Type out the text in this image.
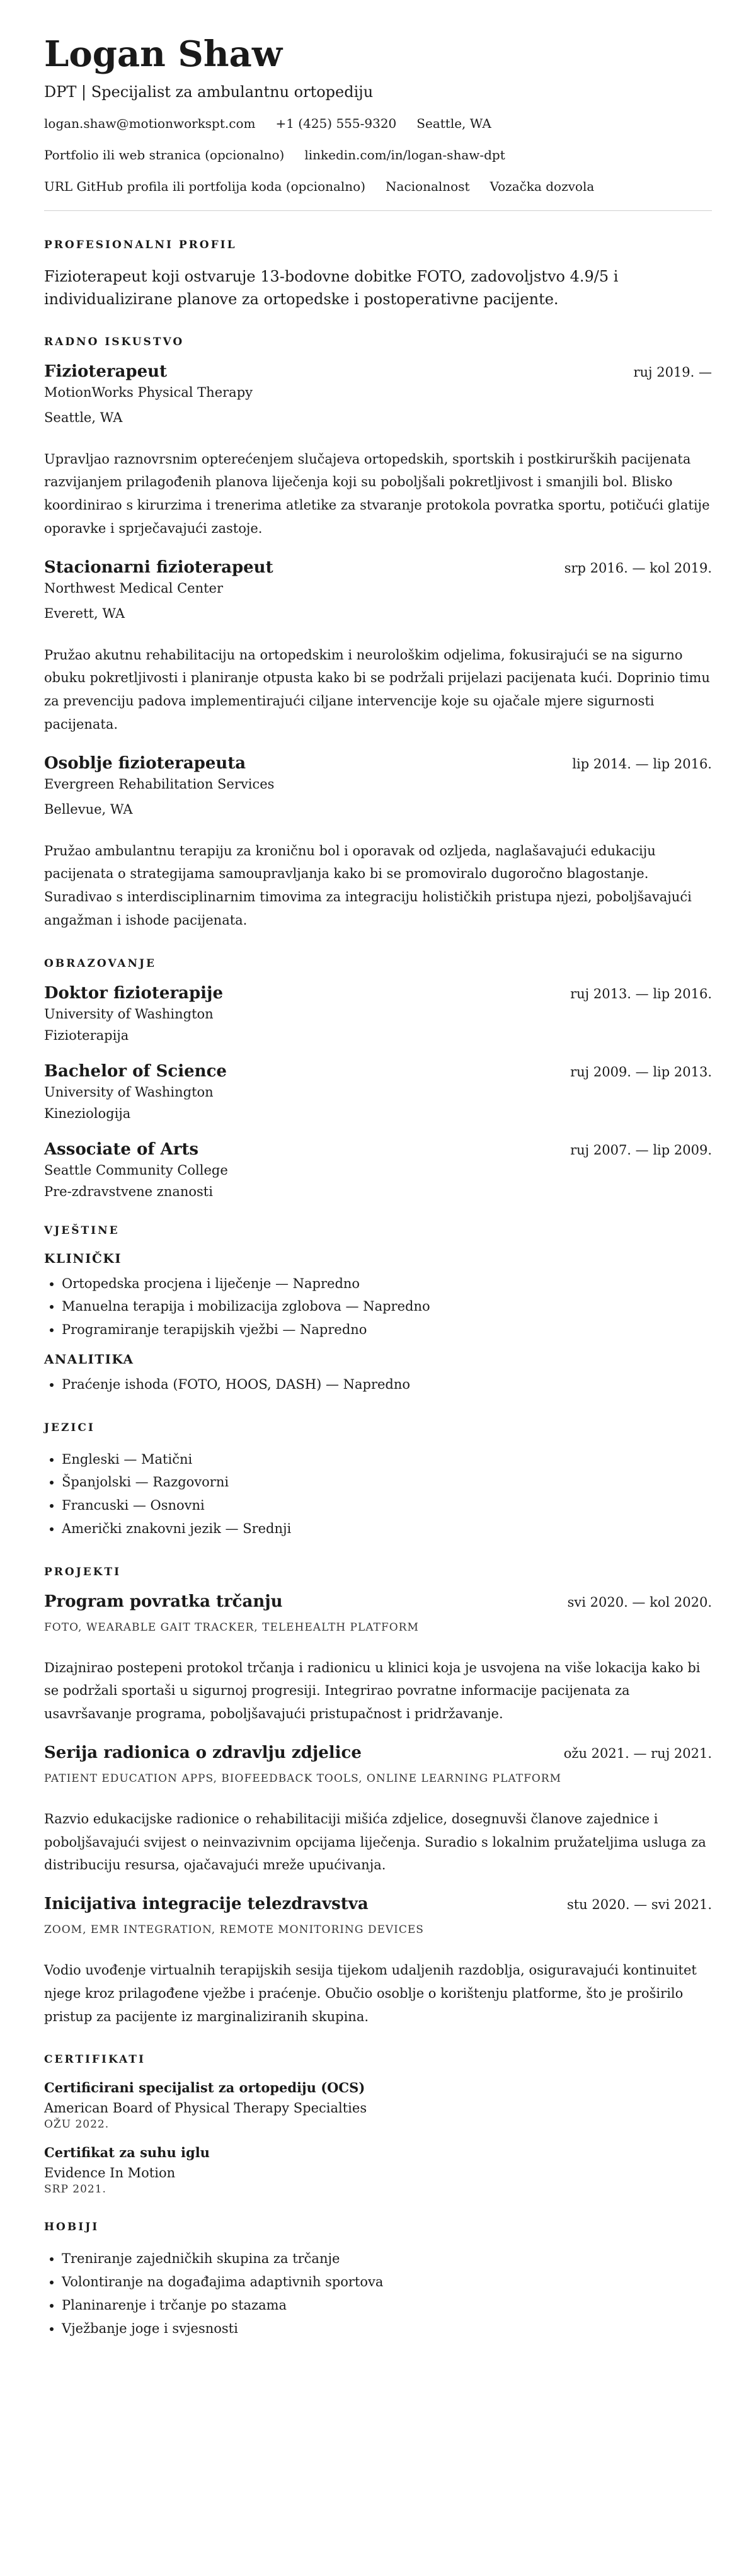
Logan Shaw
DPT | Specijalist za ambulantnu ortopediju
logan.shaw@motionworkspt.com +1 (425) 555-9320 Seattle, WA
Portfolio ili web stranica (opcionalno) linkedin.com/in/logan-shaw-dpt
URL GitHub profila ili portfolija koda (opcionalno) Nacionalnost Vozačka dozvola
PROFESIONALNI PROFIL

Fizioterapeut koji ostvaruje 13-bodovne dobitke FOTO, zadovoljstvo 4.9/5 i individualizirane planove za ortopedske i postoperativne pacijente.

RADNO ISKUSTVO
Fizioterapeut	ruj 2019. —
MotionWorks Physical Therapy
Seattle, WA
Upravljao raznovrsnim opterećenjem slučajeva ortopedskih, sportskih i postkirurških pacijenata razvijanjem prilagođenih planova liječenja koji su poboljšali pokretljivost i smanjili bol. Blisko koordinirao s kirurzima i trenerima atletike za stvaranje protokola povratka sportu, potičući glatije oporavke i sprječavajući zastoje.
Stacionarni fizioterapeut	srp 2016. — kol 2019.
Northwest Medical Center
Everett, WA
Pružao akutnu rehabilitaciju na ortopedskim i neurološkim odjelima, fokusirajući se na sigurno obuku pokretljivosti i planiranje otpusta kako bi se podržali prijelazi pacijenata kući. Doprinio timu za prevenciju padova implementirajući ciljane intervencije koje su ojačale mjere sigurnosti pacijenata.
Osoblje fizioterapeuta	lip 2014. — lip 2016.
Evergreen Rehabilitation Services
Bellevue, WA
Pružao ambulantnu terapiju za kroničnu bol i oporavak od ozljeda, naglašavajući edukaciju pacijenata o strategijama samoupravljanja kako bi se promoviralo dugoročno blagostanje. Suradivao s interdisciplinarnim timovima za integraciju holističkih pristupa njezi, poboljšavajući angažman i ishode pacijenata.
OBRAZOVANJE
Doktor fizioterapije	ruj 2013. — lip 2016.
University of Washington
Fizioterapija
Bachelor of Science	ruj 2009. — lip 2013.
University of Washington
Kineziologija
Associate of Arts	ruj 2007. — lip 2009.
Seattle Community College
Pre-zdravstvene znanosti
VJEŠTINE
KLINIČKI
• Ortopedska procjena i liječenje — Napredno
• Manuelna terapija i mobilizacija zglobova — Napredno
• Programiranje terapijskih vježbi — Napredno
ANALITIKA
• Praćenje ishoda (FOTO, HOOS, DASH) — Napredno
JEZICI
• Engleski — Matični
• Španjolski — Razgovorni
• Francuski — Osnovni
• Američki znakovni jezik — Srednji
PROJEKTI
Program povratka trčanju	svi 2020. — kol 2020.
FOTO, WEARABLE GAIT TRACKER, TELEHEALTH PLATFORM
Dizajnirao postepeni protokol trčanja i radionicu u klinici koja je usvojena na više lokacija kako bi se podržali sportaši u sigurnoj progresiji. Integrirao povratne informacije pacijenata za usavršavanje programa, poboljšavajući pristupačnost i pridržavanje.
Serija radionica o zdravlju zdjelice	ožu 2021. — ruj 2021.
PATIENT EDUCATION APPS, BIOFEEDBACK TOOLS, ONLINE LEARNING PLATFORM
Razvio edukacijske radionice o rehabilitaciji mišića zdjelice, dosegnuvši članove zajednice i poboljšavajući svijest o neinvazivnim opcijama liječenja. Suradio s lokalnim pružateljima usluga za distribuciju resursa, ojačavajući mreže upućivanja.
Inicijativa integracije telezdravstva	stu 2020. — svi 2021.
ZOOM, EMR INTEGRATION, REMOTE MONITORING DEVICES
Vodio uvođenje virtualnih terapijskih sesija tijekom udaljenih razdoblja, osiguravajući kontinuitet njege kroz prilagođene vježbe i praćenje. Obučio osoblje o korištenju platforme, što je proširilo pristup za pacijente iz marginaliziranih skupina.
CERTIFIKATI
Certificirani specijalist za ortopediju (OCS)
American Board of Physical Therapy Specialties
OŽU 2022.
Certifikat za suhu iglu
Evidence In Motion
SRP 2021.
HOBIJI
• Treniranje zajedničkih skupina za trčanje
• Volontiranje na događajima adaptivnih sportova
• Planinarenje i trčanje po stazama
• Vježbanje joge i svjesnosti
